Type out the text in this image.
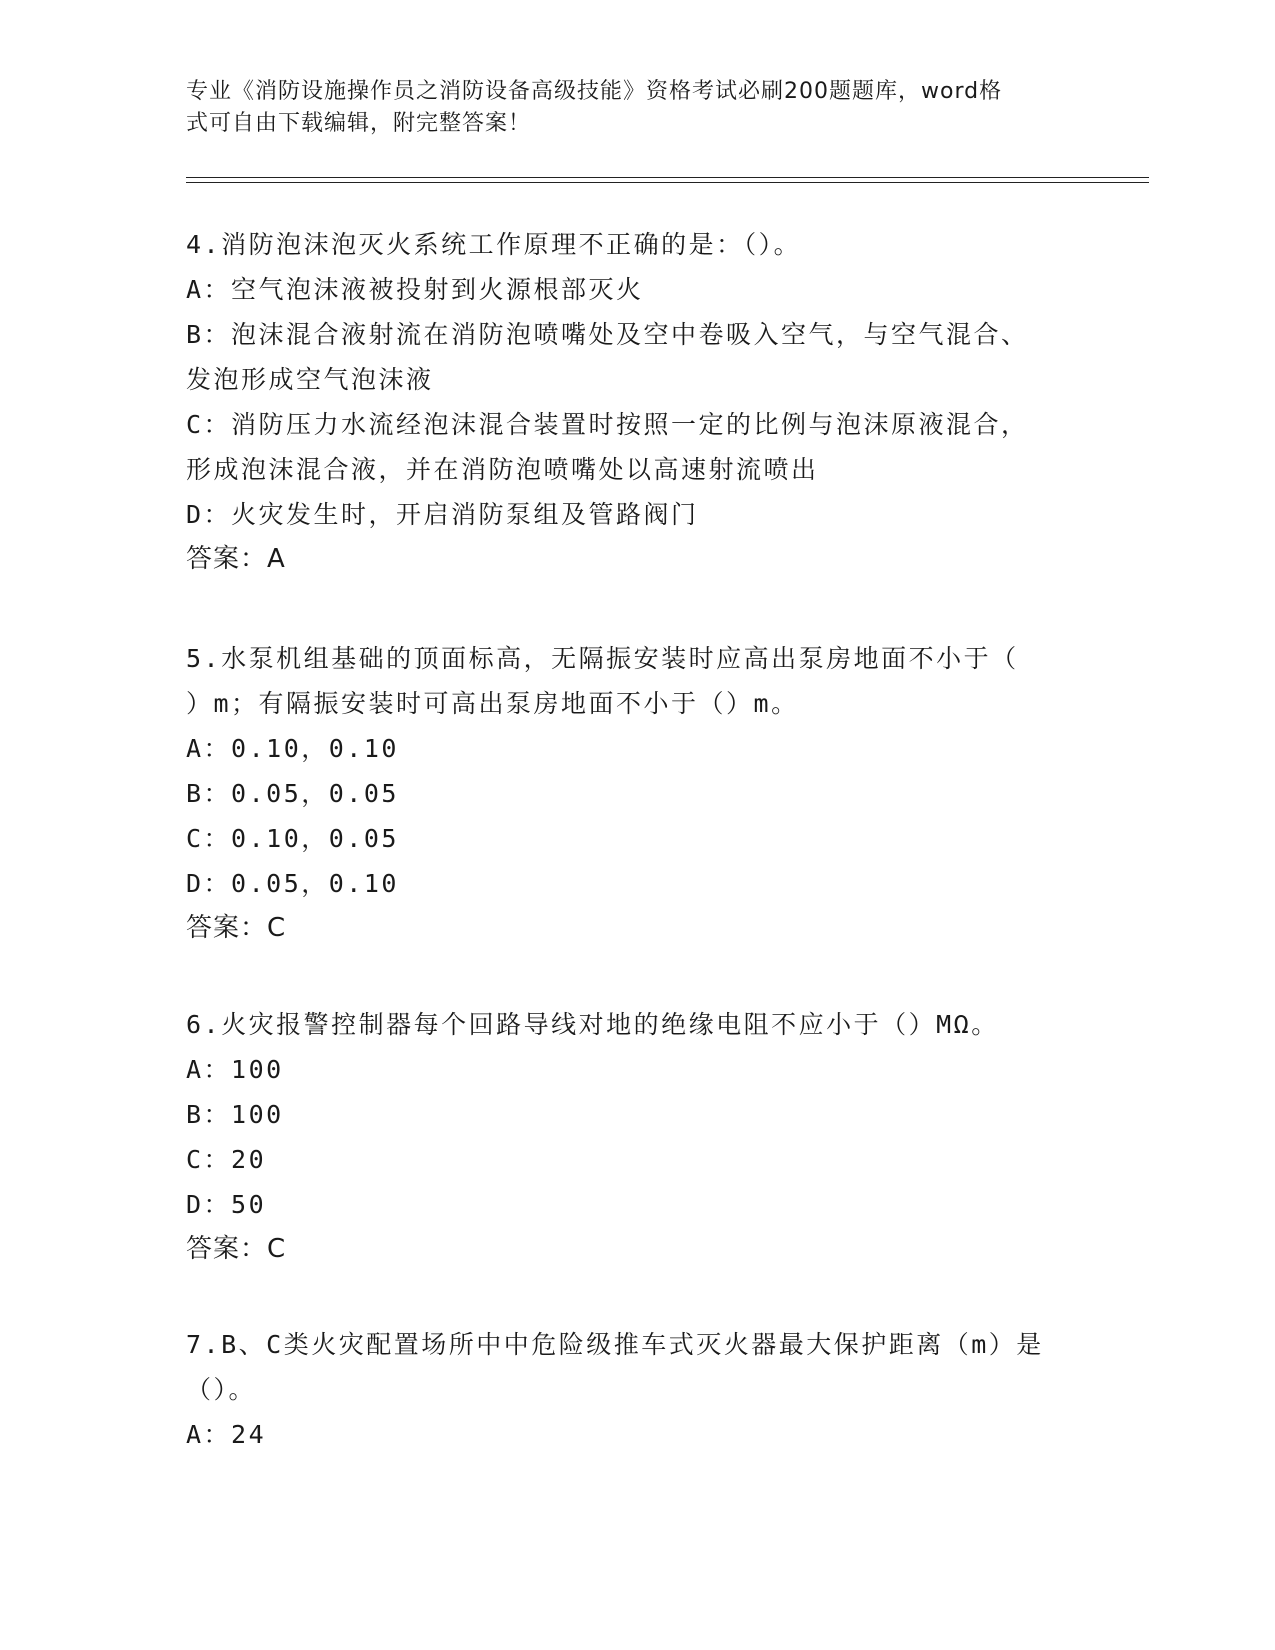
专业《消防设施操作员之消防设备高级技能》资格考试必刷200题题库，word格
式可自由下载编辑，附完整答案！
4.消防泡沫泡灭火系统工作原理不正确的是：（）。
A：空气泡沫液被投射到火源根部灭火
B：泡沫混合液射流在消防泡喷嘴处及空中卷吸入空气，与空气混合、
发泡形成空气泡沫液
C：消防压力水流经泡沫混合装置时按照一定的比例与泡沫原液混合，
形成泡沫混合液，并在消防泡喷嘴处以高速射流喷出
D：火灾发生时，开启消防泵组及管路阀门
答案：A
5.水泵机组基础的顶面标高，无隔振安装时应高出泵房地面不小于（
）m；有隔振安装时可高出泵房地面不小于（）m。
A：0.10，0.10
B：0.05，0.05
C：0.10，0.05
D：0.05，0.10
答案：C
6.火灾报警控制器每个回路导线对地的绝缘电阻不应小于（）MΩ。
A：100
B：100
C：20
D：50
答案：C
7.B、C类火灾配置场所中中危险级推车式灭火器最大保护距离（m）是
（）。
A：24
